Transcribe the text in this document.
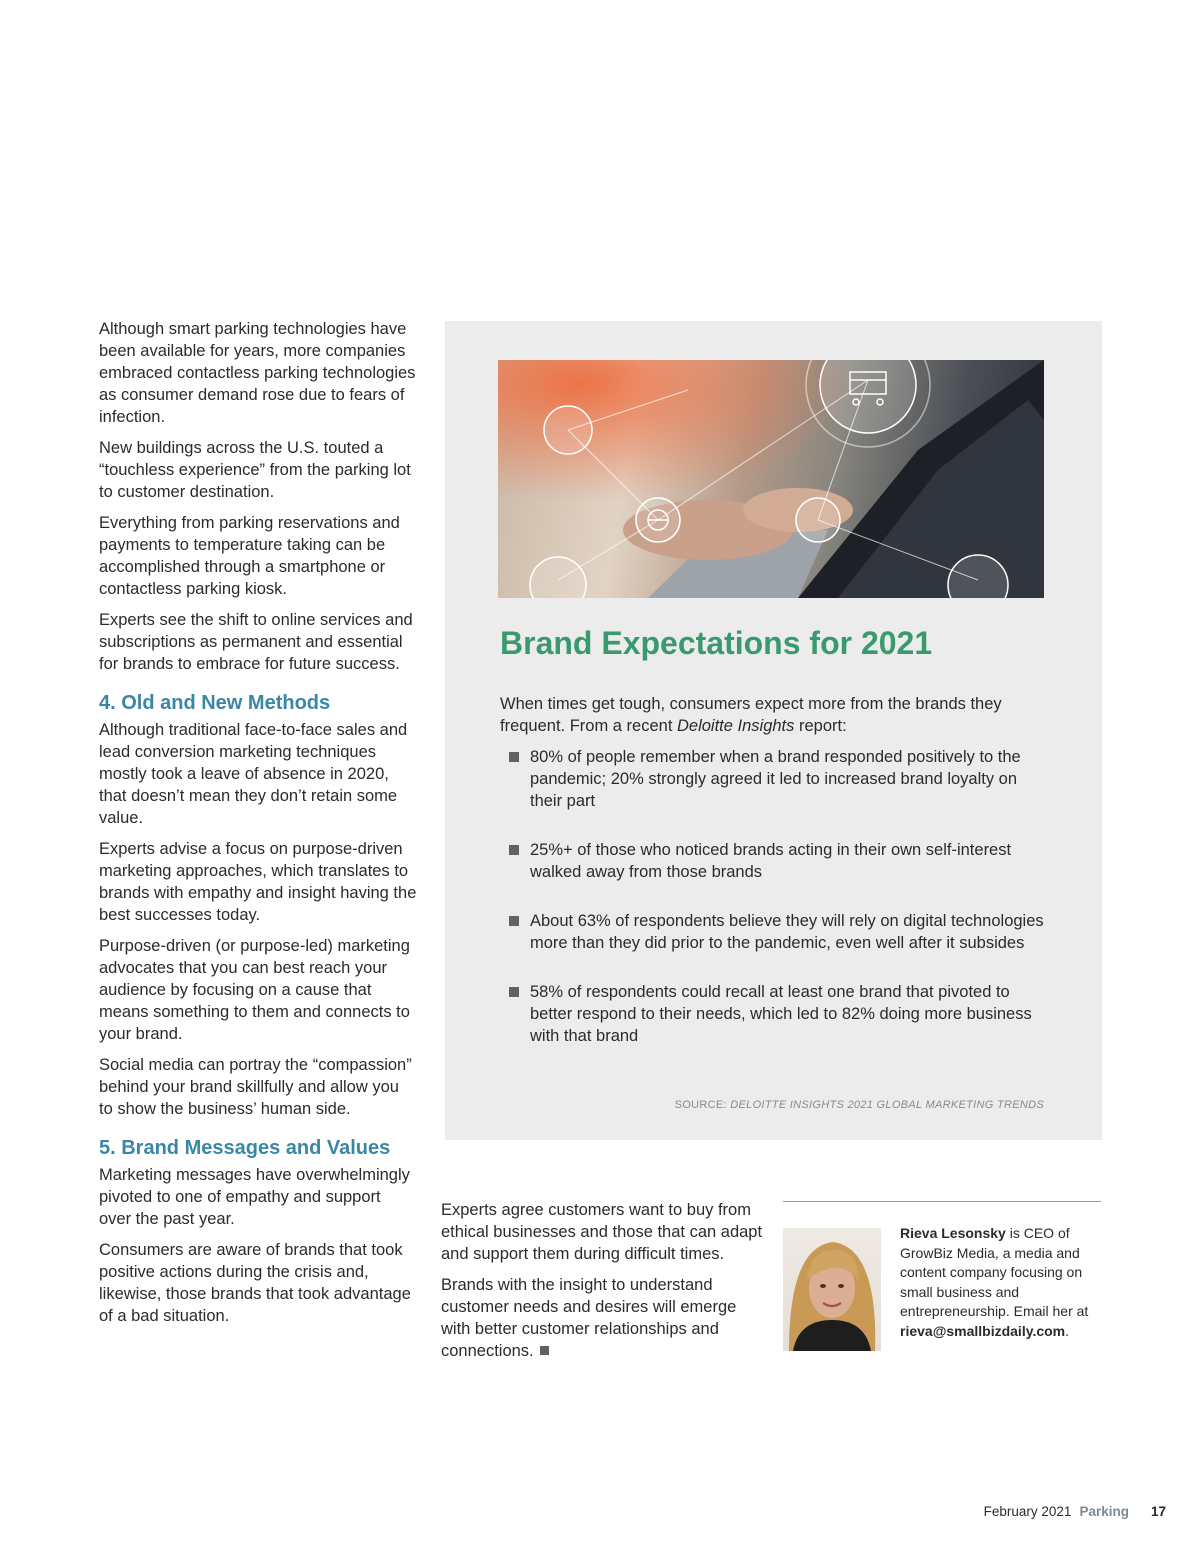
Although smart parking technologies have been available for years, more companies embraced contactless parking technologies as consumer demand rose due to fears of infection.

New buildings across the U.S. touted a “touchless experience” from the parking lot to customer destination.

Everything from parking reservations and payments to temperature taking can be accomplished through a smartphone or contactless parking kiosk.

Experts see the shift to online services and subscriptions as permanent and essential for brands to embrace for future success.

4. Old and New Methods

Although traditional face-to-face sales and lead conversion marketing techniques mostly took a leave of absence in 2020, that doesn’t mean they don’t retain some value.

Experts advise a focus on purpose-driven marketing approaches, which translates to brands with empathy and insight having the best successes today.

Purpose-driven (or purpose-led) marketing advocates that you can best reach your audience by focusing on a cause that means something to them and connects to your brand.

Social media can portray the “compassion” behind your brand skillfully and allow you to show the business’ human side.

5. Brand Messages and Values

Marketing messages have overwhelmingly pivoted to one of empathy and support over the past year.

Consumers are aware of brands that took positive actions during the crisis and, likewise, those brands that took advantage of a bad situation.

Brand Expectations for 2021

When times get tough, consumers expect more from the brands they frequent. From a recent Deloitte Insights report:

80% of people remember when a brand responded positively to the pandemic; 20% strongly agreed it led to increased brand loyalty on their part
25%+ of those who noticed brands acting in their own self-interest walked away from those brands
About 63% of respondents believe they will rely on digital technologies more than they did prior to the pandemic, even well after it subsides
58% of respondents could recall at least one brand that pivoted to better respond to their needs, which led to 82% doing more business with that brand
SOURCE: DELOITTE INSIGHTS 2021 GLOBAL MARKETING TRENDS

Experts agree customers want to buy from ethical businesses and those that can adapt and support them during difficult times.

Brands with the insight to understand customer needs and desires will emerge with better customer relationships and connections.

Rieva Lesonsky is CEO of GrowBiz Media, a media and content company focusing on small business and entrepreneurship. Email her at rieva@smallbizdaily.com.

February 2021 Parking 17
